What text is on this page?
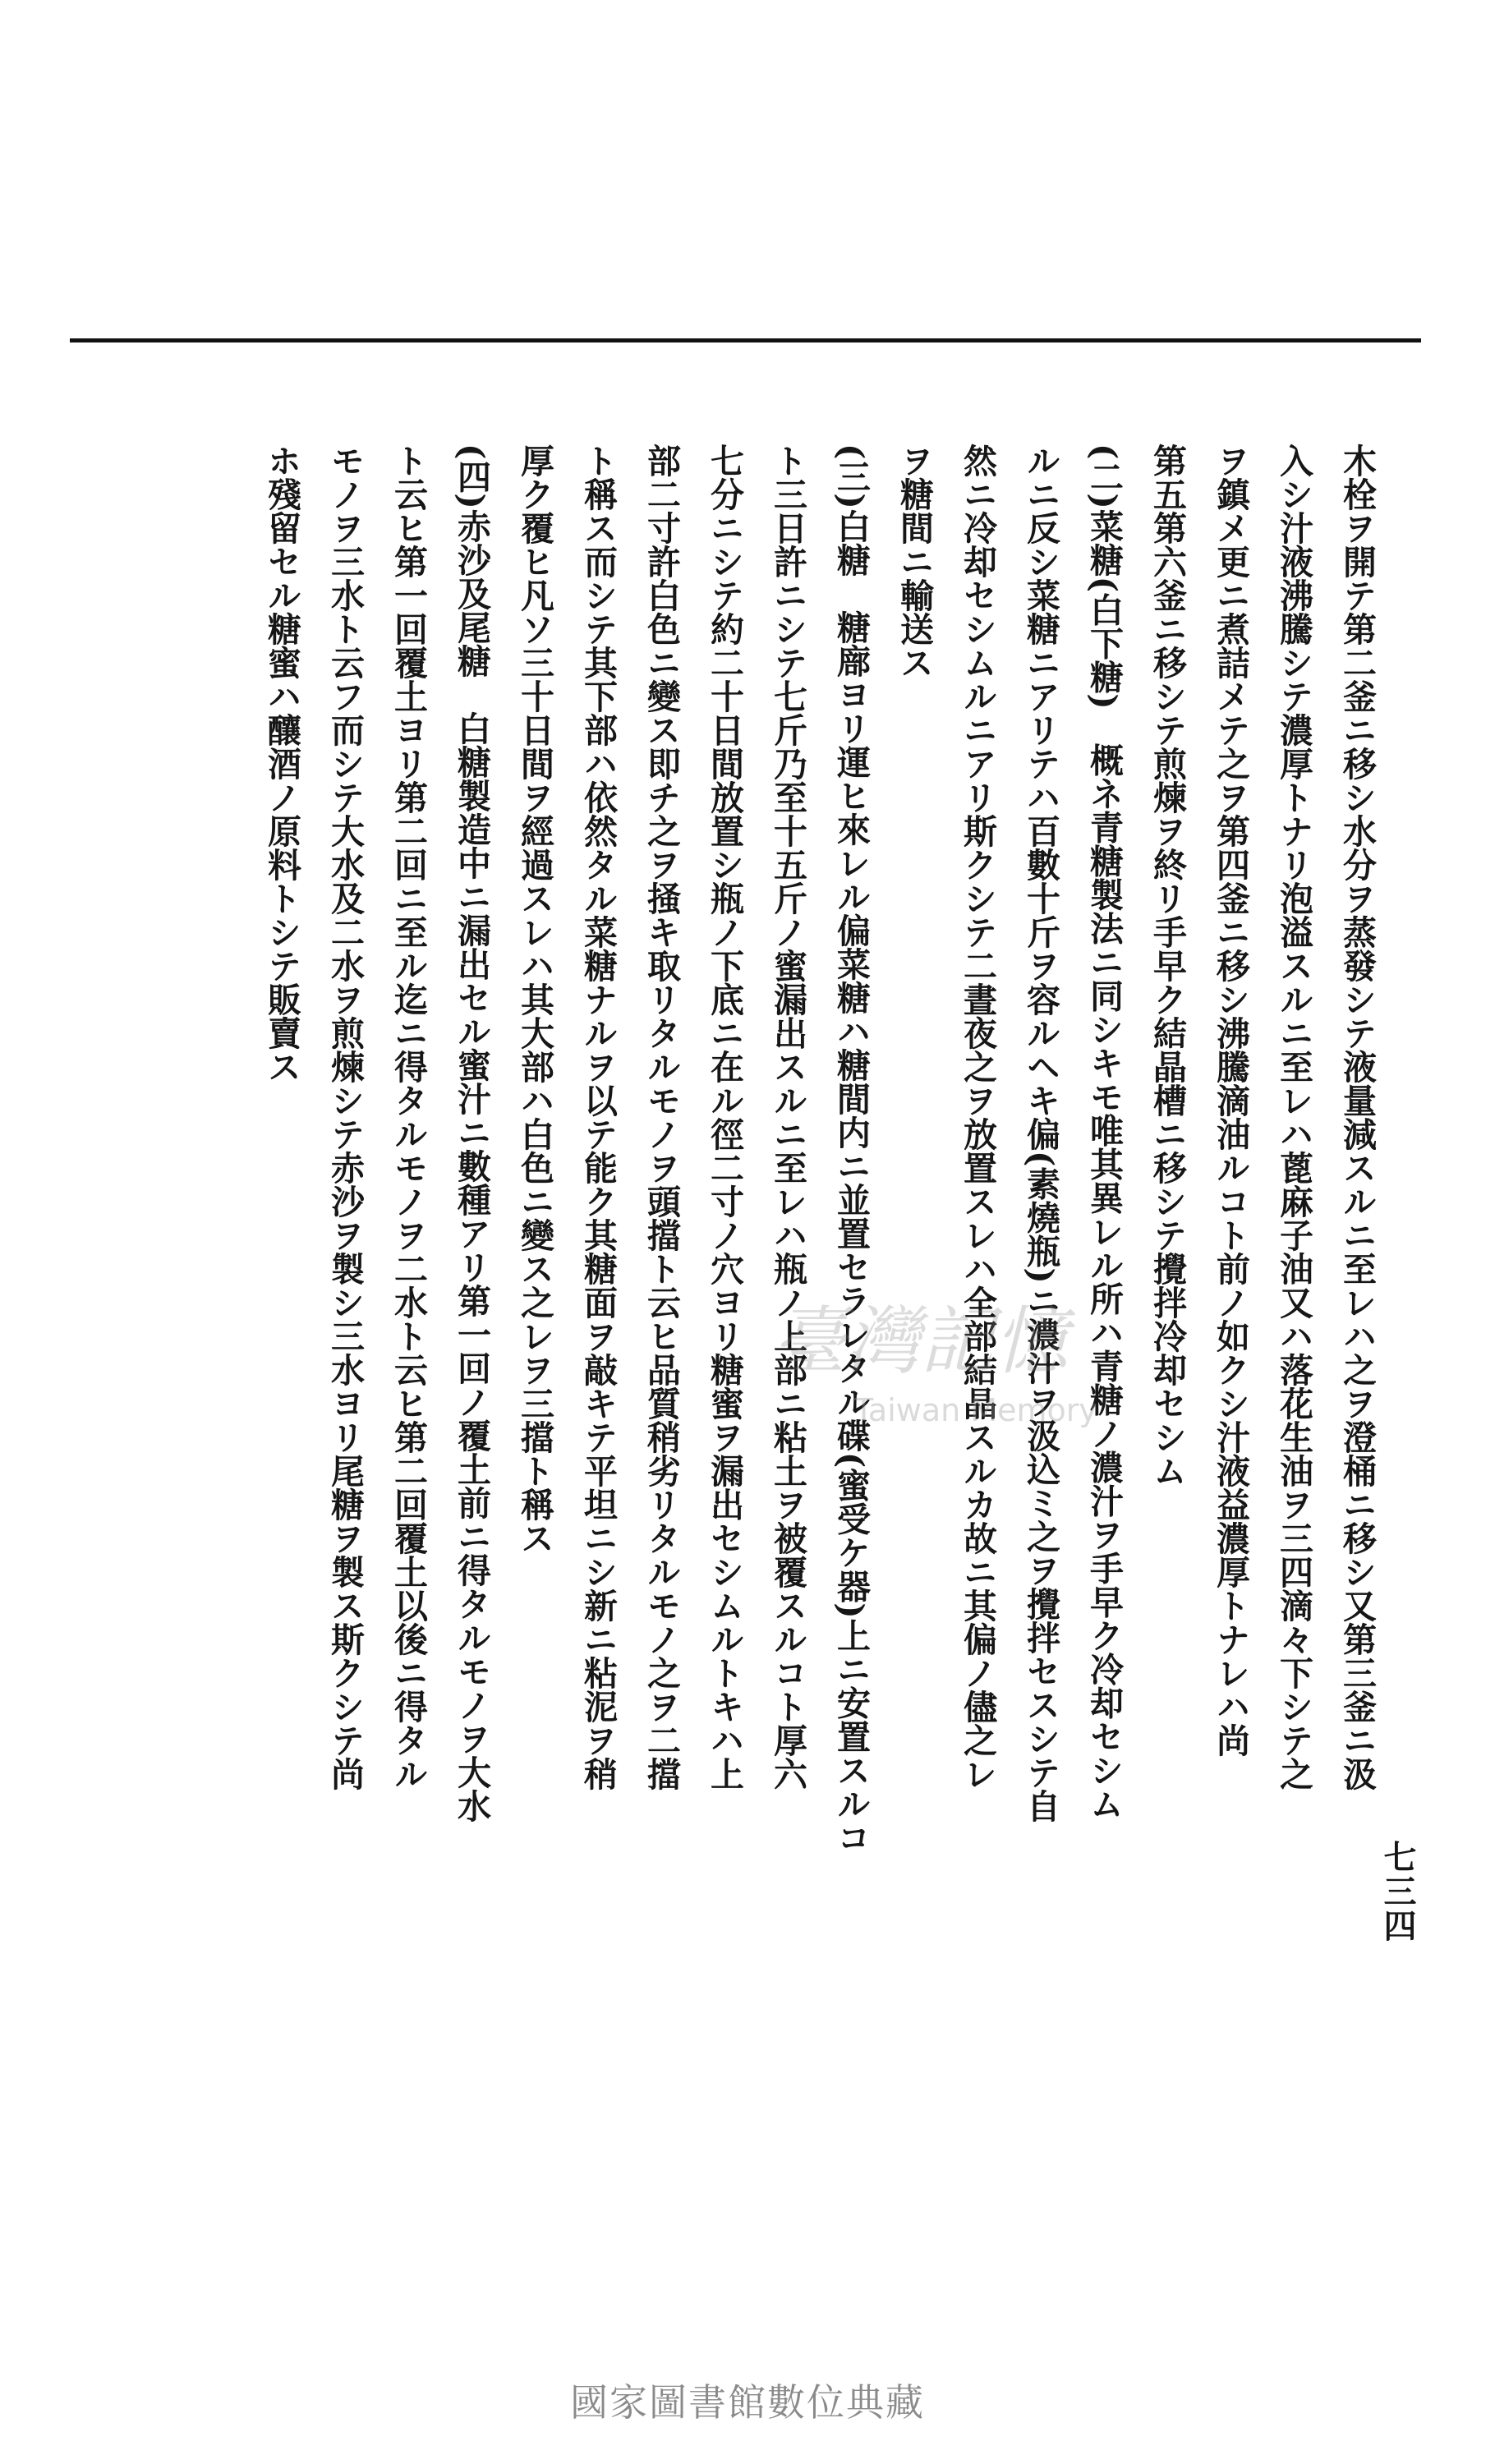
七三四

木栓ヲ開テ第二釜ニ移シ水分ヲ蒸發シテ液量減スルニ至レハ之ヲ澄桶ニ移シ又第三釜ニ汲

入シ汁液沸騰シテ濃厚トナリ泡溢スルニ至レハ蓖麻子油又ハ落花生油ヲ三四滴々下シテ之

ヲ鎮メ更ニ煮詰メテ之ヲ第四釜ニ移シ沸騰滴油ルコト前ノ如クシ汁液益濃厚トナレハ尚

第五第六釜ニ移シテ煎煉ヲ終リ手早ク結晶槽ニ移シテ攪拌冷却セシム

(二)菜糖(白下糖)　概ネ青糖製法ニ同シキモ唯其異レル所ハ青糖ノ濃汁ヲ手早ク冷却セシム

ルニ反シ菜糖ニアリテハ百數十斤ヲ容ルヘキ偏(素燒瓶)ニ濃汁ヲ汲込ミ之ヲ攪拌セスシテ自

然ニ冷却セシムルニアリ斯クシテ二晝夜之ヲ放置スレハ全部結晶スルカ故ニ其偏ノ儘之レ

ヲ糖間ニ輸送ス

(三)白糖　糖廍ヨリ運ヒ來レル偏菜糖ハ糖間内ニ並置セラレタル碟(蜜受ケ器)上ニ安置スルコ

ト三日許ニシテ七斤乃至十五斤ノ蜜漏出スルニ至レハ瓶ノ上部ニ粘土ヲ被覆スルコト厚六

七分ニシテ約二十日間放置シ瓶ノ下底ニ在ル徑二寸ノ穴ヨリ糖蜜ヲ漏出セシムルトキハ上

部二寸許白色ニ變ス即チ之ヲ掻キ取リタルモノヲ頭擋ト云ヒ品質稍劣リタルモノ之ヲ二擋

ト稱ス而シテ其下部ハ依然タル菜糖ナルヲ以テ能ク其糖面ヲ敲キテ平坦ニシ新ニ粘泥ヲ稍

厚ク覆ヒ凡ソ三十日間ヲ經過スレハ其大部ハ白色ニ變ス之レヲ三擋ト稱ス

(四)赤沙及尾糖　白糖製造中ニ漏出セル蜜汁ニ數種アリ第一回ノ覆土前ニ得タルモノヲ大水

ト云ヒ第一回覆土ヨリ第二回ニ至ル迄ニ得タルモノヲ二水ト云ヒ第二回覆土以後ニ得タル

モノヲ三水ト云フ而シテ大水及二水ヲ煎煉シテ赤沙ヲ製シ三水ヨリ尾糖ヲ製ス斯クシテ尚

ホ殘留セル糖蜜ハ釀酒ノ原料トシテ販賣ス

臺灣記憶
Taiwan Memory
國家圖書館數位典藏
